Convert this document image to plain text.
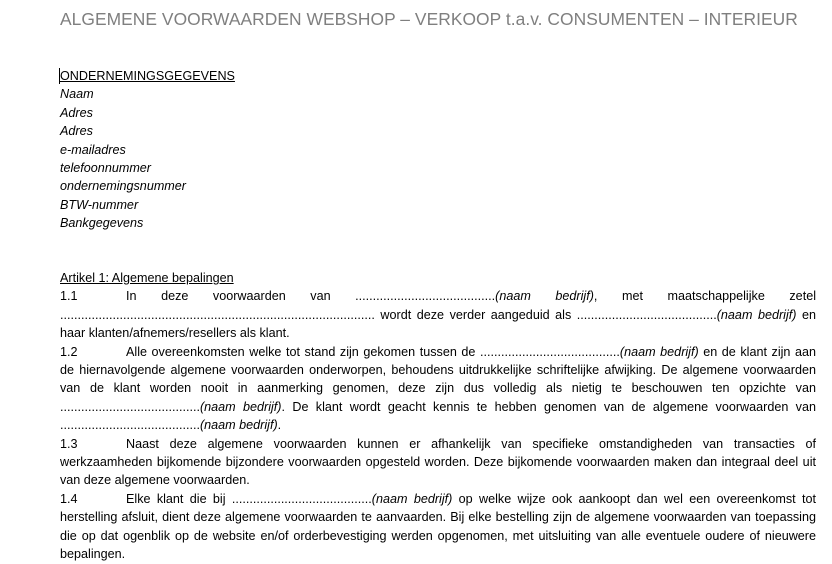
ALGEMENE VOORWAARDEN WEBSHOP – VERKOOP t.a.v. CONSUMENTEN – INTERIEUR
ONDERNEMINGSGEGEVENS
Naam
Adres
Adres
e-mailadres
telefoonnummer
ondernemingsnummer
BTW-nummer
Bankgegevens
Artikel 1: Algemene bepalingen
1.1	In deze voorwaarden van ........................................(naam bedrijf), met maatschappelijke zetel .......................................................................................... wordt deze verder aangeduid als ........................................(naam bedrijf) en haar klanten/afnemers/resellers als klant.
1.2	Alle overeenkomsten welke tot stand zijn gekomen tussen de ........................................(naam bedrijf) en de klant zijn aan de hiernavolgende algemene voorwaarden onderworpen, behoudens uitdrukkelijke schriftelijke afwijking. De algemene voorwaarden van de klant worden nooit in aanmerking genomen, deze zijn dus volledig als nietig te beschouwen ten opzichte van ........................................(naam bedrijf). De klant wordt geacht kennis te hebben genomen van de algemene voorwaarden van ........................................(naam bedrijf).
1.3	Naast deze algemene voorwaarden kunnen er afhankelijk van specifieke omstandigheden van transacties of werkzaamheden bijkomende bijzondere voorwaarden opgesteld worden. Deze bijkomende voorwaarden maken dan integraal deel uit van deze algemene voorwaarden.
1.4	Elke klant die bij ........................................(naam bedrijf) op welke wijze ook aankoopt dan wel een overeenkomst tot herstelling afsluit, dient deze algemene voorwaarden te aanvaarden. Bij elke bestelling zijn de algemene voorwaarden van toepassing die op dat ogenblik op de website en/of orderbevestiging werden opgenomen, met uitsluiting van alle eventuele oudere of nieuwere bepalingen.
